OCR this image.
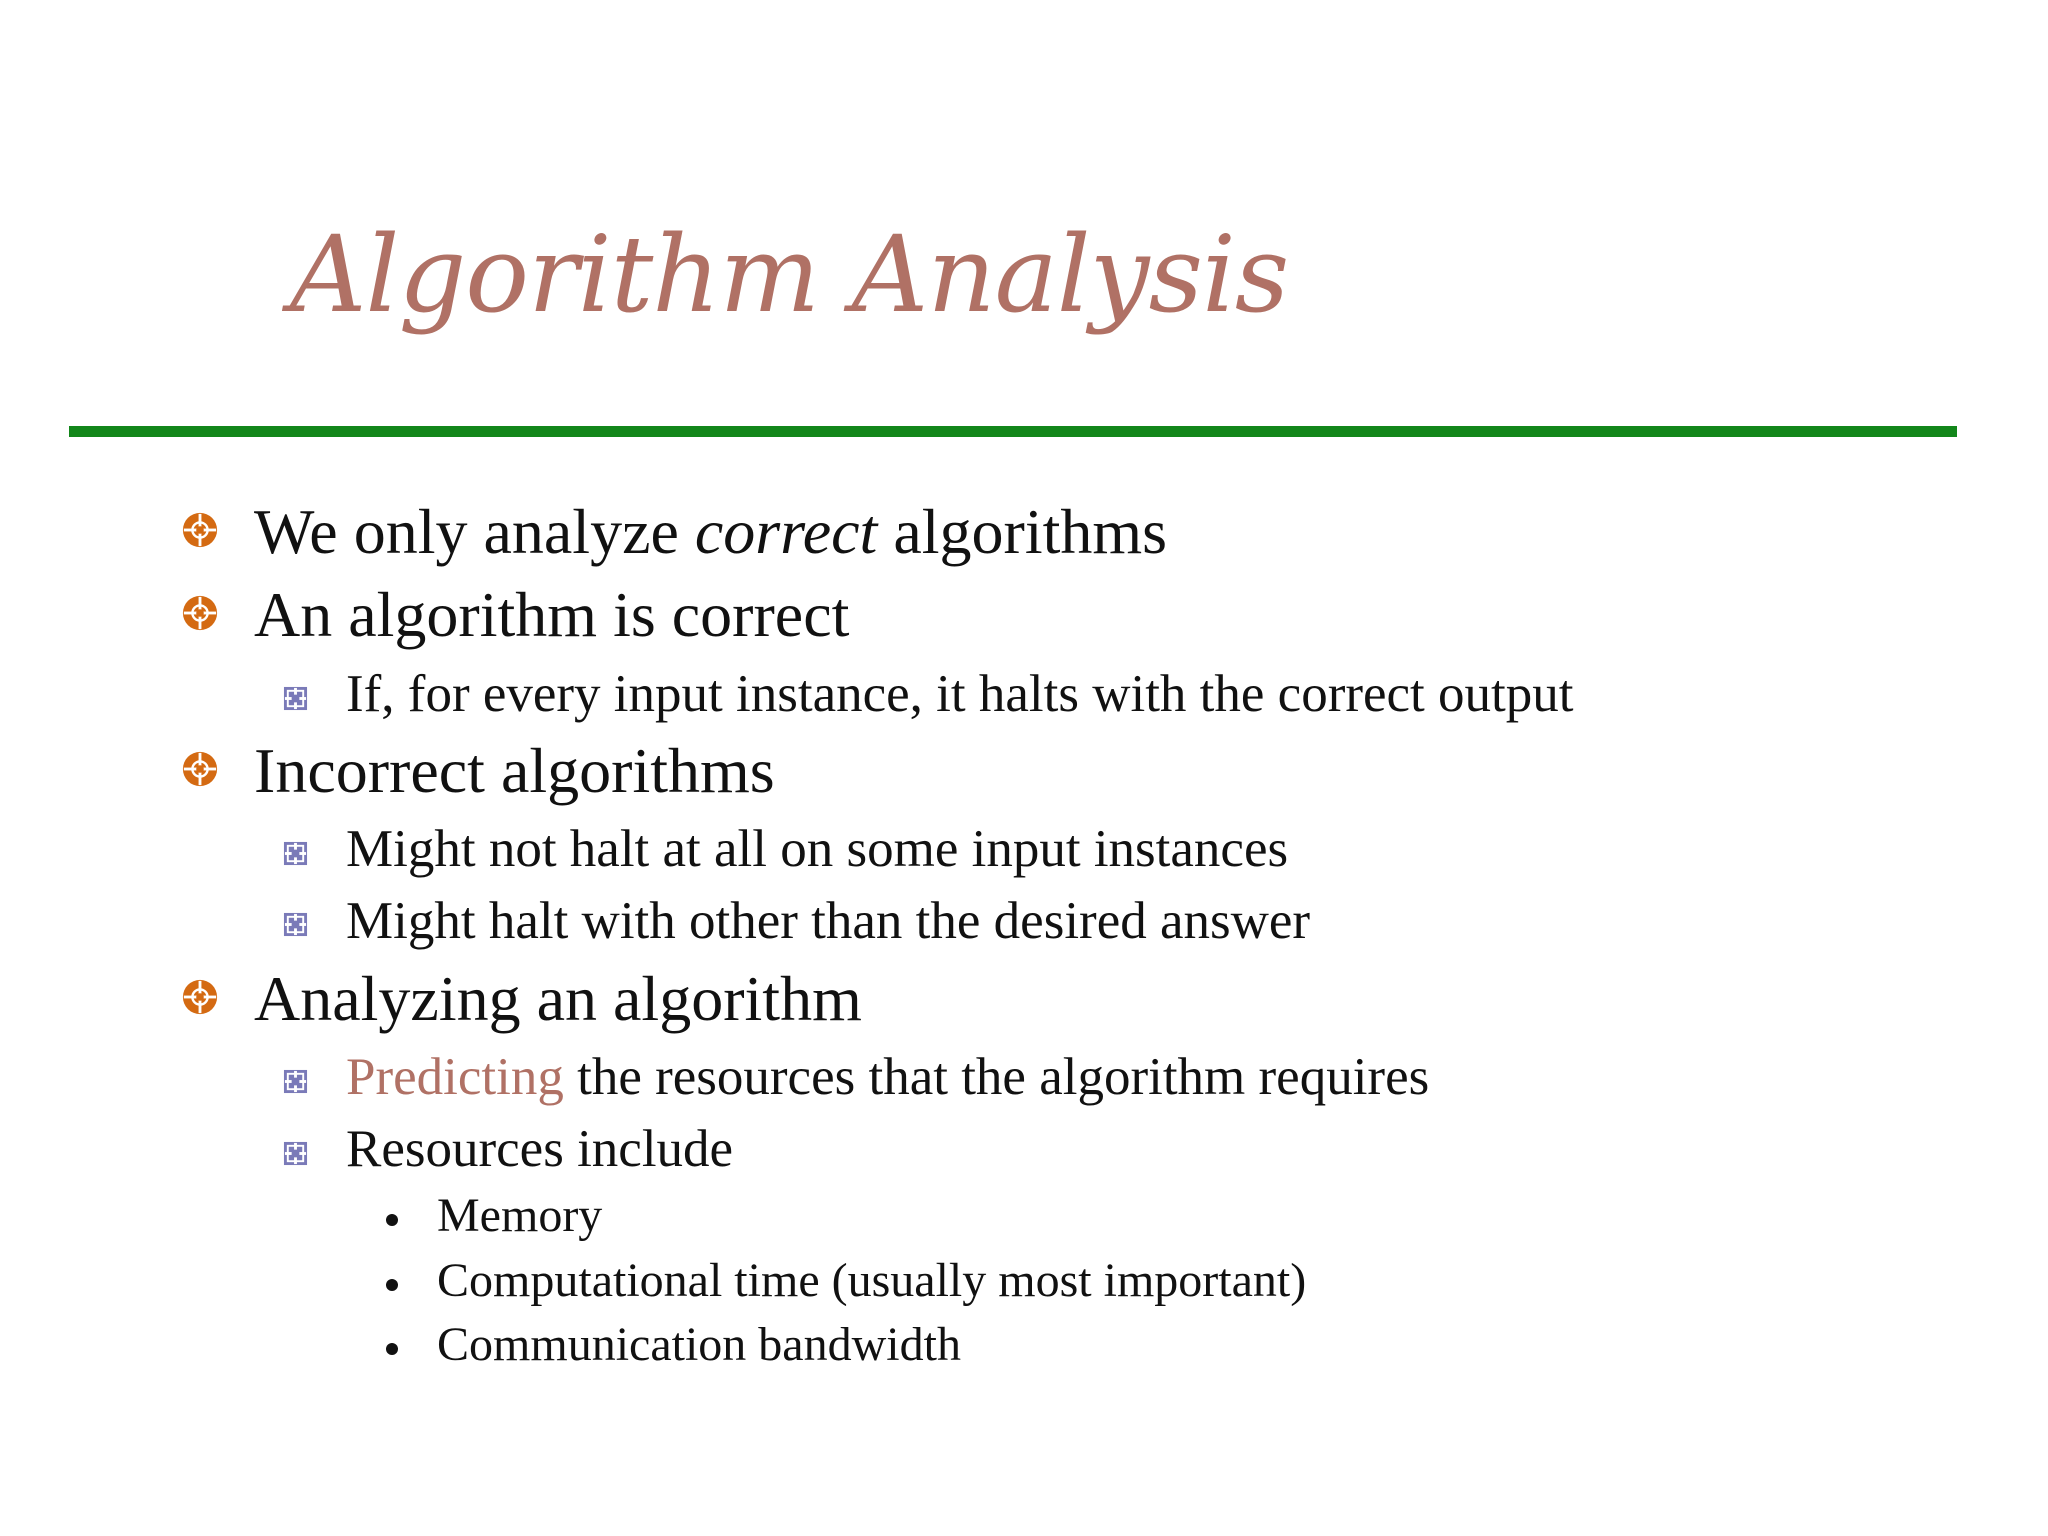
Algorithm Analysis
We only analyze correct algorithms
An algorithm is correct
If, for every input instance, it halts with the correct output
Incorrect algorithms
Might not halt at all on some input instances
Might halt with other than the desired answer
Analyzing an algorithm
Predicting the resources that the algorithm requires
Resources include
Memory
Computational time (usually most important)
Communication bandwidth
